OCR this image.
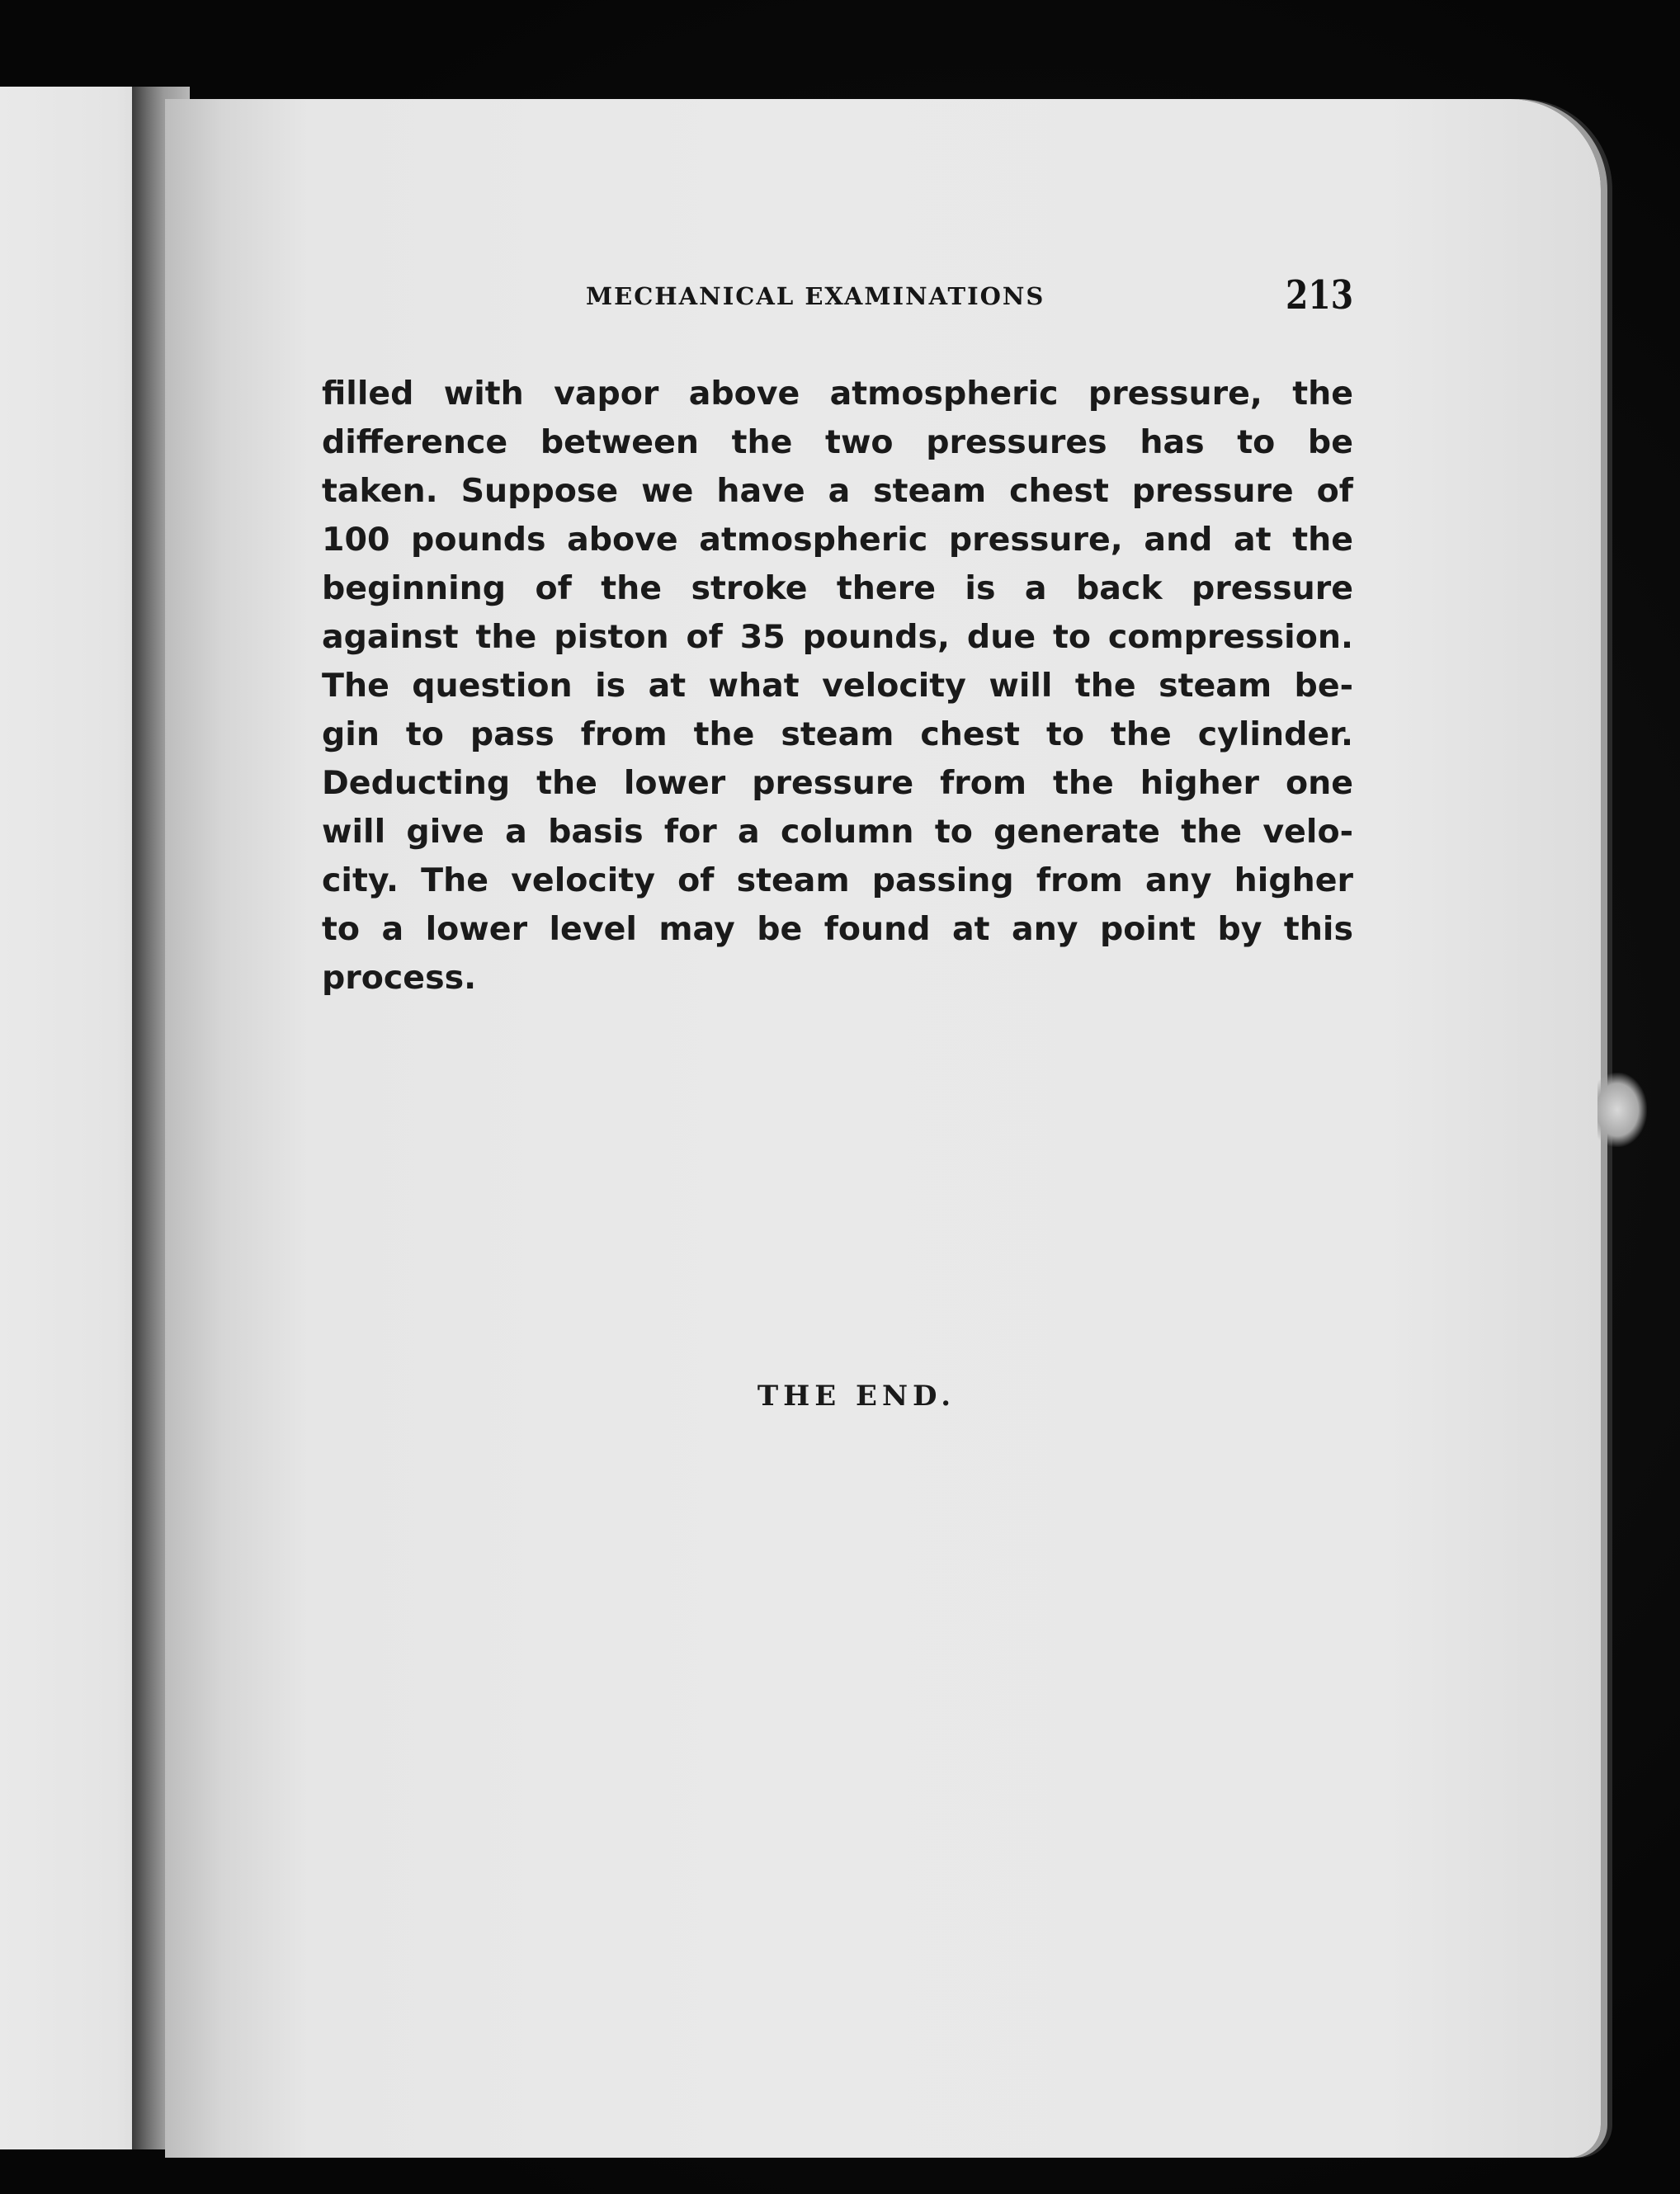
MECHANICAL EXAMINATIONS	213
filled with vapor above atmospheric pressure, the
difference between the two pressures has to be
taken. Suppose we have a steam chest pressure of
100 pounds above atmospheric pressure, and at the
beginning of the stroke there is a back pressure
against the piston of 35 pounds, due to compression.
The question is at what velocity will the steam be-
gin to pass from the steam chest to the cylinder.
Deducting the lower pressure from the higher one
will give a basis for a column to generate the velo-
city. The velocity of steam passing from any higher
to a lower level may be found at any point by this
process.
THE END.
